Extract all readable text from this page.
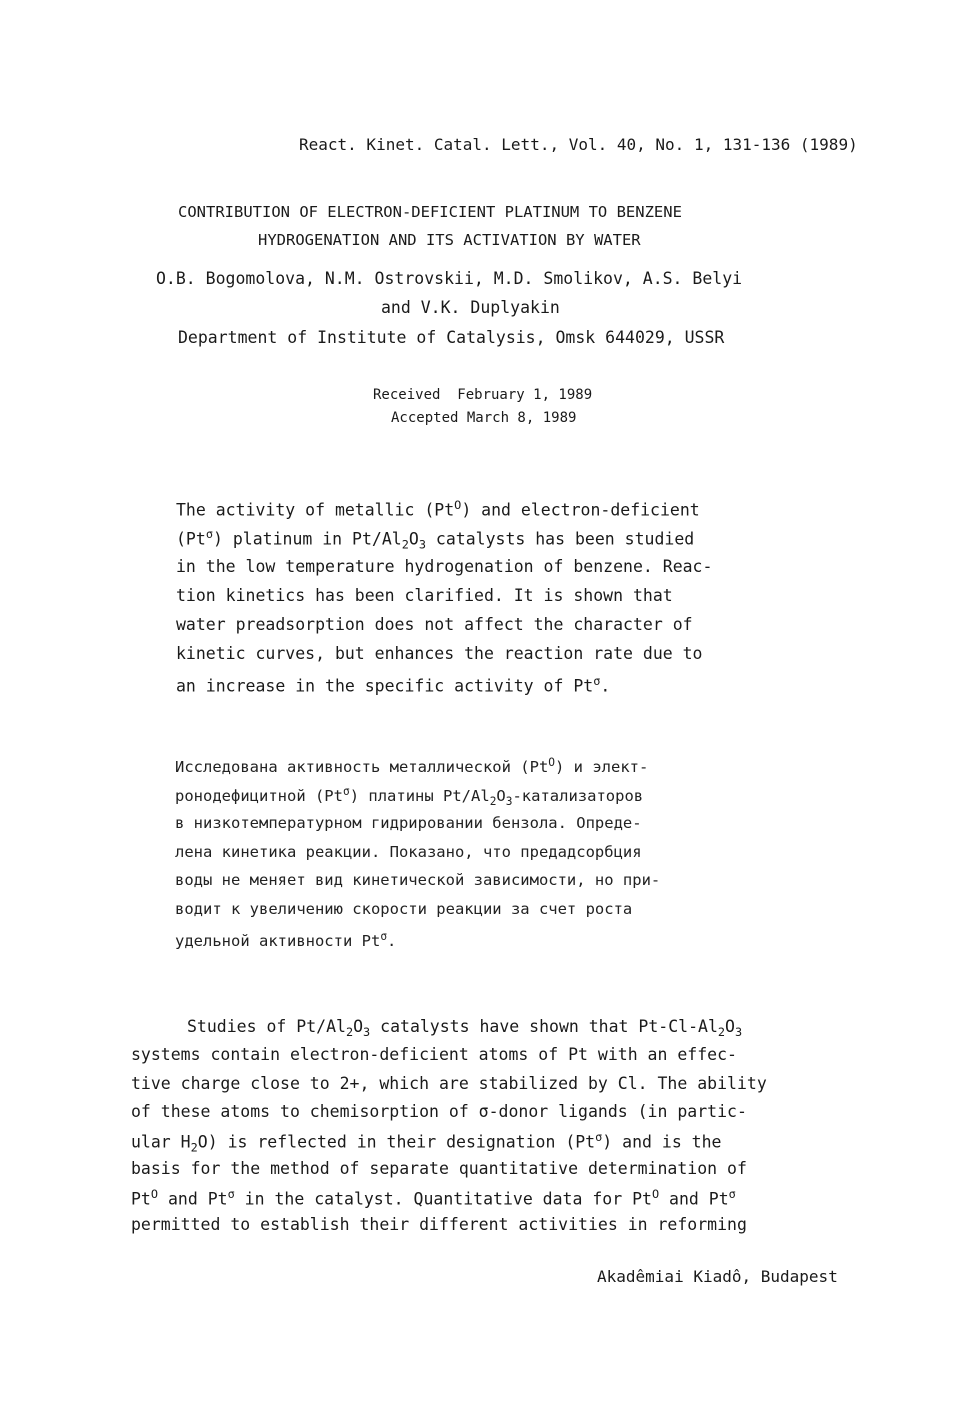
React. Kinet. Catal. Lett., Vol. 40, No. 1, 131-136 (1989)
CONTRIBUTION OF ELECTRON-DEFICIENT PLATINUM TO BENZENE
HYDROGENATION AND ITS ACTIVATION BY WATER
O.B. Bogomolova, N.M. Ostrovskii, M.D. Smolikov, A.S. Belyi
and V.K. Duplyakin
Department of Institute of Catalysis, Omsk 644029, USSR
Received  February 1, 1989
Accepted March 8, 1989
The activity of metallic $(Pt^O)$ and electron-deficient
$(Pt^\sigma)$ platinum in $Pt/Al_2O_3$ catalysts has been studied
in the low temperature hydrogenation of benzene. Reac-
tion kinetics has been clarified. It is shown that
water preadsorption does not affect the character of
kinetic curves, but enhances the reaction rate due to
an increase in the specific activity of $Pt^\sigma$.
Исследована активность металлической $(Pt^O)$ и элект-
ронодефицитной $(Pt^\sigma)$ платины $Pt/Al_2O_3$-катализаторов
в низкотемпературном гидрировании бензола. Опреде-
лена кинетика реакции. Показано, что предадсорбция
воды не меняет вид кинетической зависимости, но при-
водит к увеличению скорости реакции за счет роста
удельной активности $Pt^\sigma$.
Studies of $Pt/Al_2O_3$ catalysts have shown that $Pt-Cl-Al_2O_3$
systems contain electron-deficient atoms of Pt with an effec-
tive charge close to 2+, which are stabilized by Cl. The ability
of these atoms to chemisorption of σ-donor ligands (in partic-
ular $H_2O$) is reflected in their designation $(Pt^\sigma)$ and is the
basis for the method of separate quantitative determination of
$Pt^O$ and $Pt^\sigma$ in the catalyst. Quantitative data for $Pt^O$ and $Pt^\sigma$
permitted to establish their different activities in reforming
Akadêmiai Kiadô, Budapest
